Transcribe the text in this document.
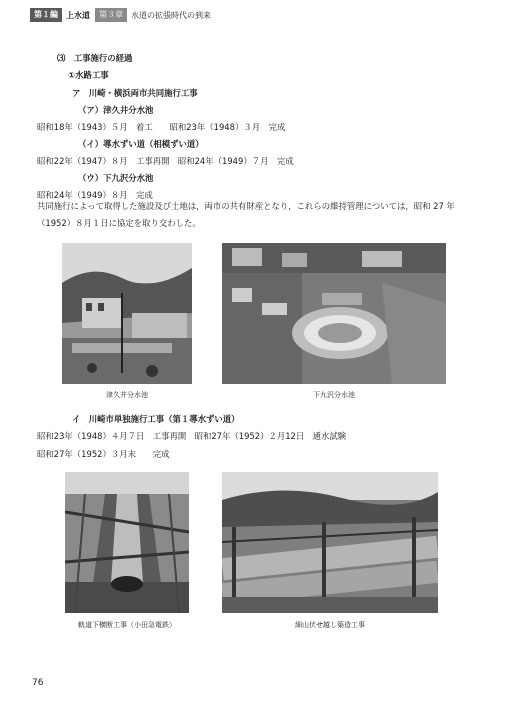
第１編	上水道	第３章	水道の拡張時代の到来
⑶　工事施行の経過
①水路工事
ア　川崎・横浜両市共同施行工事
（ア）津久井分水池
昭和18年（1943）５月　着工　　昭和23年（1948）３月　完成
（イ）導水ずい道（相模ずい道）
昭和22年（1947）８月　工事再開　昭和24年（1949）７月　完成
（ウ）下九沢分水池
昭和24年（1949）８月　完成
共同施行によって取得した施設及び土地は，両市の共有財産となり，これらの維持管理については，昭和 27 年（1952）８月１日に協定を取り交わした。
津久井分水池	下九沢分水池
イ　川崎市単独施行工事（第１導水ずい道）
昭和23年（1948）４月７日　工事再開　昭和27年（1952）２月12日　通水試験
昭和27年（1952）３月末　　完成
軌道下横断工事（小田急電鉄）	細山伏せ越し築造工事
76
